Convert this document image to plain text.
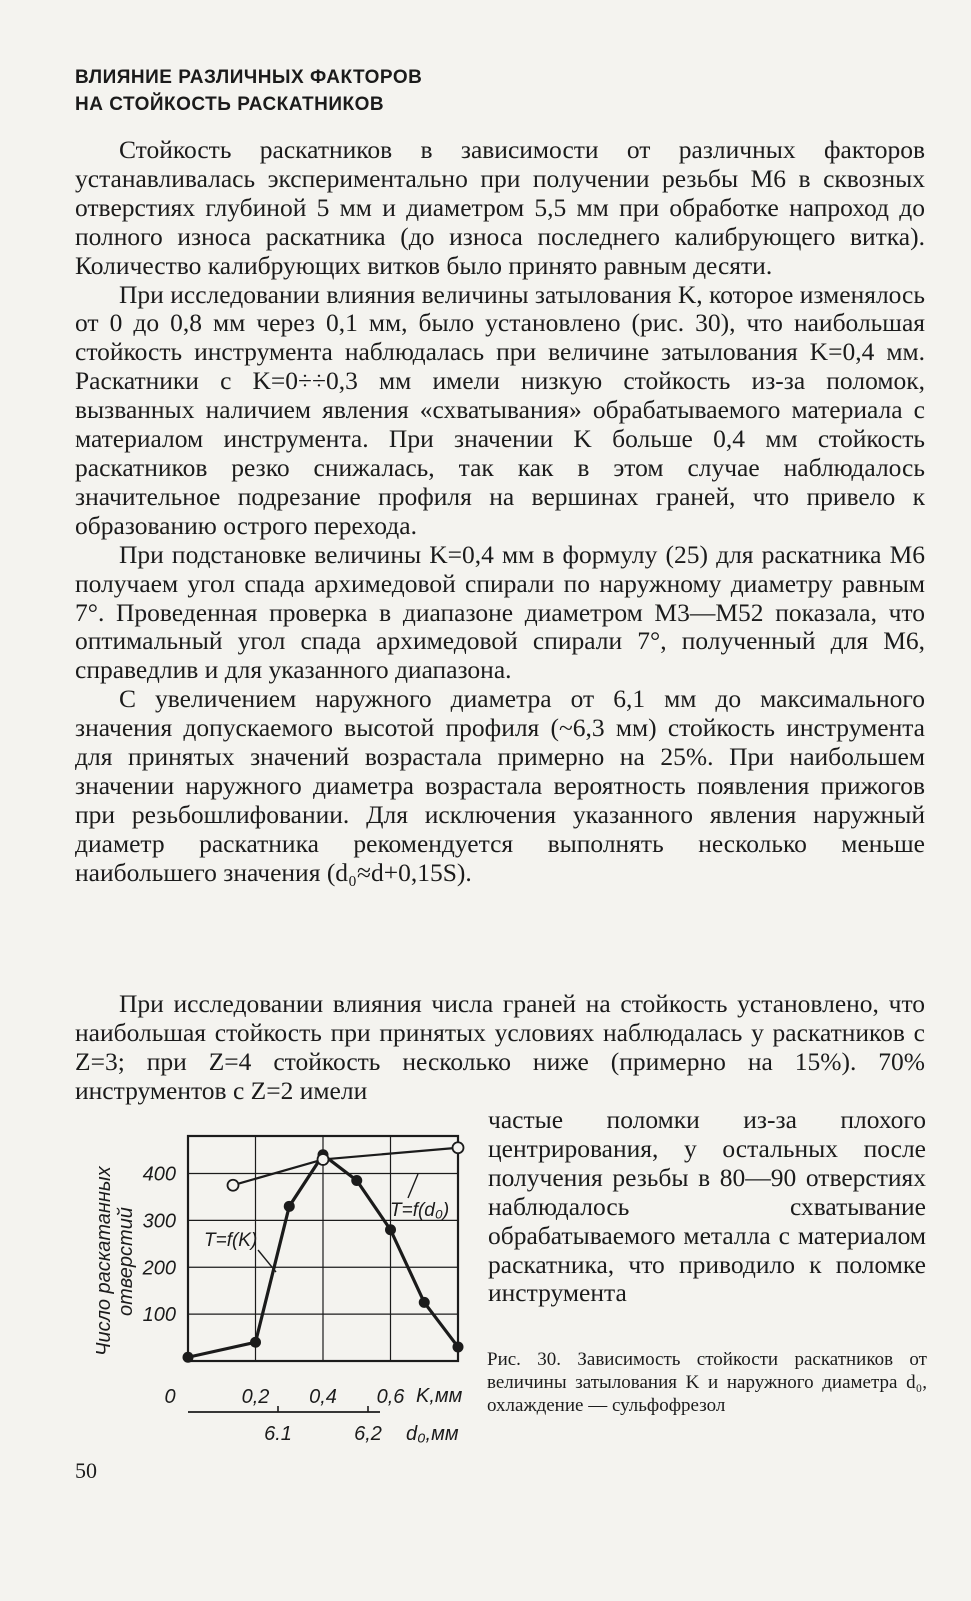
ВЛИЯНИЕ РАЗЛИЧНЫХ ФАКТОРОВ
НА СТОЙКОСТЬ РАСКАТНИКОВ

Стойкость раскатников в зависимости от различных факторов устанавливалась экспериментально при получении резьбы М6 в сквозных отверстиях глубиной 5 мм и диаметром 5,5 мм при обработке напроход до полного износа раскатника (до износа последнего калибрующего витка). Количество калибрующих витков было принято равным десяти.

При исследовании влияния величины затылования K, которое изменялось от 0 до 0,8 мм через 0,1 мм, было установлено (рис. 30), что наибольшая стойкость инструмента наблюдалась при величине затылования K=0,4 мм. Раскатники с K=0÷÷0,3 мм имели низкую стойкость из-за поломок, вызванных наличием явления «схватывания» обрабатываемого материала с материалом инструмента. При значении K больше 0,4 мм стойкость раскатников резко снижалась, так как в этом случае наблюдалось значительное подрезание профиля на вершинах граней, что привело к образованию острого перехода.

При подстановке величины K=0,4 мм в формулу (25) для раскатника М6 получаем угол спада архимедовой спирали по наружному диаметру равным 7°. Проведенная проверка в диапазоне диаметром М3—М52 показала, что оптимальный угол спада архимедовой спирали 7°, полученный для М6, справедлив и для указанного диапазона.

С увеличением наружного диаметра от 6,1 мм до максимального значения допускаемого высотой профиля (~6,3 мм) стойкость инструмента для принятых значений возрастала примерно на 25%. При наибольшем значении наружного диаметра возрастала вероятность появления прижогов при резьбошлифовании. Для исключения указанного явления наружный диаметр раскатника рекомендуется выполнять несколько меньше наибольшего значения (d₀≈d+0,15S).

При исследовании влияния числа граней на стойкость установлено, что наибольшая стойкость при принятых условиях наблюдалась у раскатников с Z=3; при Z=4 стойкость несколько ниже (примерно на 15%). 70% инструментов с Z=2 имели

частые поломки из-за плохого центрирования, у остальных после получения резьбы в 80—90 отверстиях наблюдалось схватывание обрабатываемого металла с материалом раскатника, что приводило к поломке инструмента
100
200
300
400
0	0,2 0,4 0,6
6.1	6,2
T=f(K)
T=f(d₀)
Число раскатанных отверстий
K,мм
d₀,мм
Рис. 30. Зависимость стойкости раскатников от величины затылования K и наружного диаметра d₀, охлаждение — сульфофрезол
50
